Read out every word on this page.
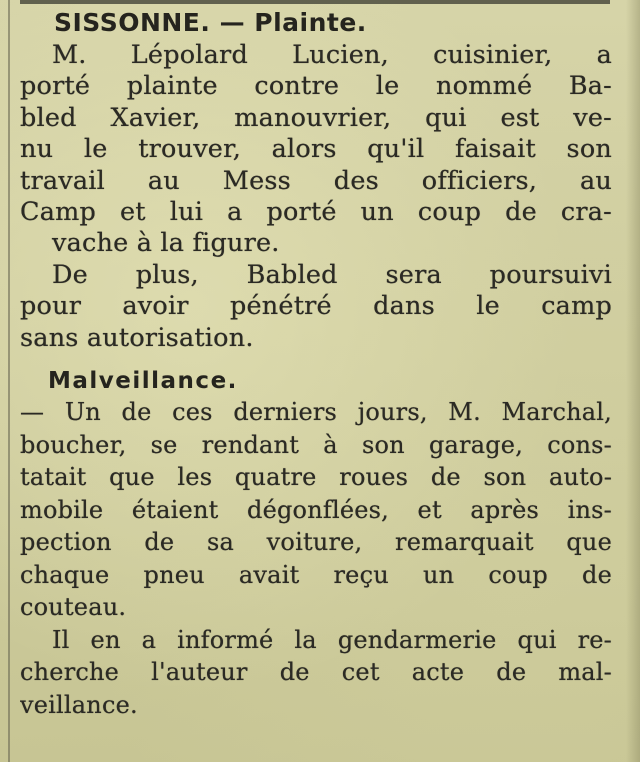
SISSONNE. — Plainte.
M. Lépolard Lucien, cuisinier, a
porté plainte contre le nommé Ba-
bled Xavier, manouvrier, qui est ve-
nu le trouver, alors qu'il faisait son
travail au Mess des officiers, au
Camp et lui a porté un coup de cra-
vache à la figure.
De plus, Babled sera poursuivi
pour avoir pénétré dans le camp
sans autorisation.
Malveillance.
— Un de ces derniers jours, M. Marchal,
boucher, se rendant à son garage, cons-
tatait que les quatre roues de son auto-
mobile étaient dégonflées, et après ins-
pection de sa voiture, remarquait que
chaque pneu avait reçu un coup de
couteau.
Il en a informé la gendarmerie qui re-
cherche l'auteur de cet acte de mal-
veillance.
